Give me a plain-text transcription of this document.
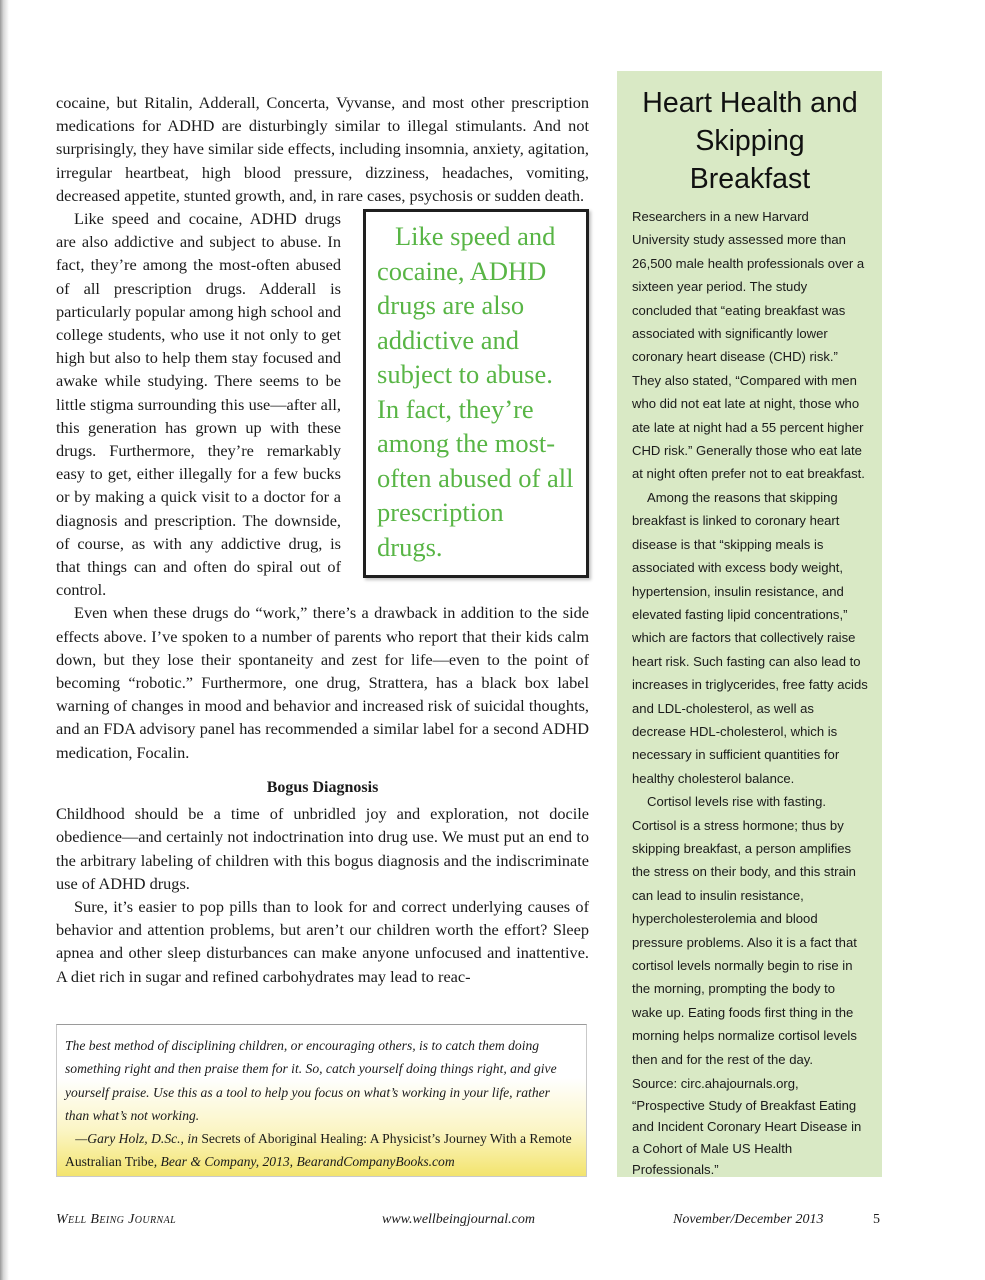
cocaine, but Ritalin, Adderall, Concerta, Vyvanse, and most other prescription medications for ADHD are disturbingly similar to illegal stimulants. And not surprisingly, they have similar side effects, including insomnia, anxiety, agitation, irregular heartbeat, high blood pressure, dizziness, headaches, vomiting, decreased appetite, stunted growth, and, in rare cases, psychosis or sudden death.

Like speed and cocaine, ADHD drugs are also addictive and subject to abuse. In fact, they’re among the most-often abused of all prescription drugs.
Like speed and cocaine, ADHD drugs are also addictive and subject to abuse. In fact, they’re among the most-often abused of all prescription drugs. Adderall is particularly popular among high school and college students, who use it not only to get high but also to help them stay focused and awake while studying. There seems to be little stigma surrounding this use—after all, this generation has grown up with these drugs. Furthermore, they’re remarkably easy to get, either illegally for a few bucks or by making a quick visit to a doctor for a diagnosis and prescription. The downside, of course, as with any addictive drug, is that things can and often do spiral out of control.

Even when these drugs do “work,” there’s a drawback in addition to the side effects above. I’ve spoken to a number of parents who report that their kids calm down, but they lose their spontaneity and zest for life—even to the point of becoming “robotic.” Furthermore, one drug, Strattera, has a black box label warning of changes in mood and behavior and increased risk of suicidal thoughts, and an FDA advisory panel has recommended a similar label for a second ADHD medication, Focalin.

Bogus Diagnosis

Childhood should be a time of unbridled joy and exploration, not docile obedience—and certainly not indoctrination into drug use. We must put an end to the arbitrary labeling of children with this bogus diagnosis and the indiscriminate use of ADHD drugs.

Sure, it’s easier to pop pills than to look for and correct underlying causes of behavior and attention problems, but aren’t our children worth the effort? Sleep apnea and other sleep disturbances can make anyone unfocused and inattentive. A diet rich in sugar and refined carbohydrates may lead to reac-

The best method of disciplining children, or encouraging others, is to catch them doing something right and then praise them for it. So, catch yourself doing things right, and give yourself praise. Use this as a tool to help you focus on what’s working in your life, rather than what’s not working.

—Gary Holz, D.Sc., in Secrets of Aboriginal Healing: A Physicist’s Journey With a Remote Australian Tribe, Bear & Company, 2013, BearandCompanyBooks.com

Heart Health and Skipping Breakfast

Researchers in a new Harvard University study assessed more than 26,500 male health professionals over a sixteen year period. The study concluded that “eating breakfast was associated with significantly lower coronary heart disease (CHD) risk.” They also stated, “Compared with men who did not eat late at night, those who ate late at night had a 55 percent higher CHD risk.” Generally those who eat late at night often prefer not to eat breakfast.

Among the reasons that skipping breakfast is linked to coronary heart disease is that “skipping meals is associated with excess body weight, hypertension, insulin resistance, and elevated fasting lipid concentrations,” which are factors that collectively raise heart risk. Such fasting can also lead to increases in triglycerides, free fatty acids and LDL-cholesterol, as well as decrease HDL-cholesterol, which is necessary in sufficient quantities for healthy cholesterol balance.

Cortisol levels rise with fasting. Cortisol is a stress hormone; thus by skipping breakfast, a person amplifies the stress on their body, and this strain can lead to insulin resistance, hypercholesterolemia and blood pressure problems. Also it is a fact that cortisol levels normally begin to rise in the morning, prompting the body to wake up. Eating foods first thing in the morning helps normalize cortisol levels then and for the rest of the day.

Source: circ.ahajournals.org, “Prospective Study of Breakfast Eating and Incident Coronary Heart Disease in a Cohort of Male US Health Professionals.”

Well Being Journal	www.wellbeingjournal.com	November/December 2013	5
